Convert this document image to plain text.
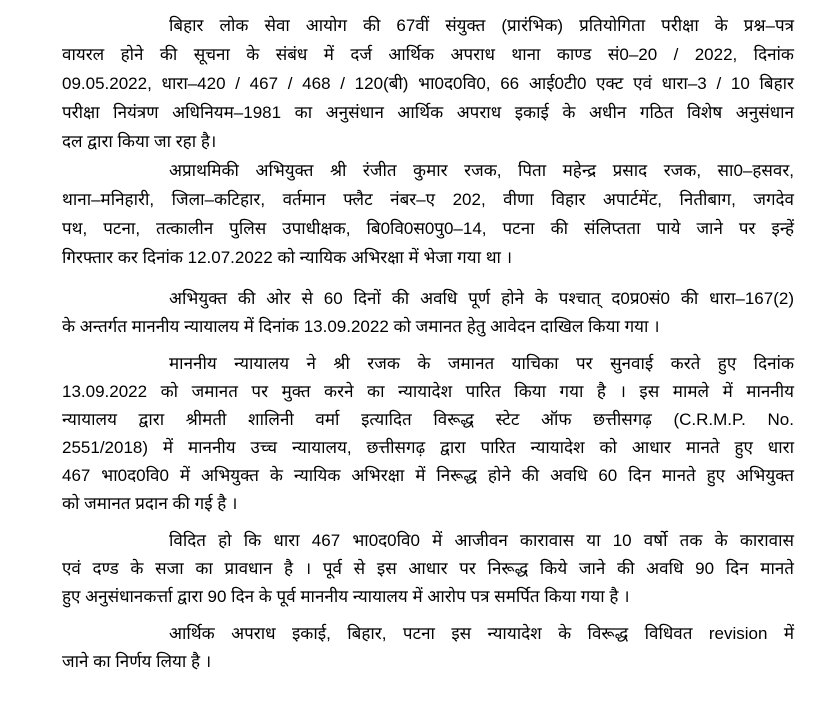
बिहार लोक सेवा आयोग की 67वीं संयुक्त (प्रारंभिक) प्रतियोगिता परीक्षा के प्रश्न–पत्र
वायरल होने की सूचना के संबंध में दर्ज आर्थिक अपराध थाना काण्ड सं0–20 / 2022, दिनांक
09.05.2022, धारा–420 / 467 / 468 / 120(बी) भा0द0वि0, 66 आई0टी0 एक्ट एवं धारा–3 / 10 बिहार
परीक्षा नियंत्रण अधिनियम–1981 का अनुसंधान आर्थिक अपराध इकाई के अधीन गठित विशेष अनुसंधान
दल द्वारा किया जा रहा है।
अप्राथमिकी अभियुक्त श्री रंजीत कुमार रजक, पिता महेन्द्र प्रसाद रजक, सा0–हसवर,
थाना–मनिहारी, जिला–कटिहार, वर्तमान फ्लैट नंबर–ए 202, वीणा विहार अपार्टमेंट, नितीबाग, जगदेव
पथ, पटना, तत्कालीन पुलिस उपाधीक्षक, बि0वि0स0पु0–14, पटना की संलिप्तता पाये जाने पर इन्हें
गिरफ्तार कर दिनांक 12.07.2022 को न्यायिक अभिरक्षा में भेजा गया था ।
अभियुक्त की ओर से 60 दिनों की अवधि पूर्ण होने के पश्चात् द0प्र0सं0 की धारा–167(2)
के अन्तर्गत माननीय न्यायालय में दिनांक 13.09.2022 को जमानत हेतु आवेदन दाखिल किया गया ।
माननीय न्यायालय ने श्री रजक के जमानत याचिका पर सुनवाई करते हुए दिनांक
13.09.2022 को जमानत पर मुक्त करने का न्यायादेश पारित किया गया है । इस मामले में माननीय
न्यायालय द्वारा श्रीमती शालिनी वर्मा इत्यादित विरूद्ध स्टेट ऑफ छत्तीसगढ़ (C.R.M.P. No.
2551/2018) में माननीय उच्च न्यायालय, छत्तीसगढ़ द्वारा पारित न्यायादेश को आधार मानते हुए धारा
467 भा0द0वि0 में अभियुक्त के न्यायिक अभिरक्षा में निरूद्ध होने की अवधि 60 दिन मानते हुए अभियुक्त
को जमानत प्रदान की गई है ।
विदित हो कि धारा 467 भा0द0वि0 में आजीवन कारावास या 10 वर्षो तक के कारावास
एवं दण्ड के सजा का प्रावधान है । पूर्व से इस आधार पर निरूद्ध किये जाने की अवधि 90 दिन मानते
हुए अनुसंधानकर्त्ता द्वारा 90 दिन के पूर्व माननीय न्यायालय में आरोप पत्र समर्पित किया गया है ।
आर्थिक अपराध इकाई, बिहार, पटना इस न्यायादेश के विरूद्ध विधिवत revision में
जाने का निर्णय लिया है ।
